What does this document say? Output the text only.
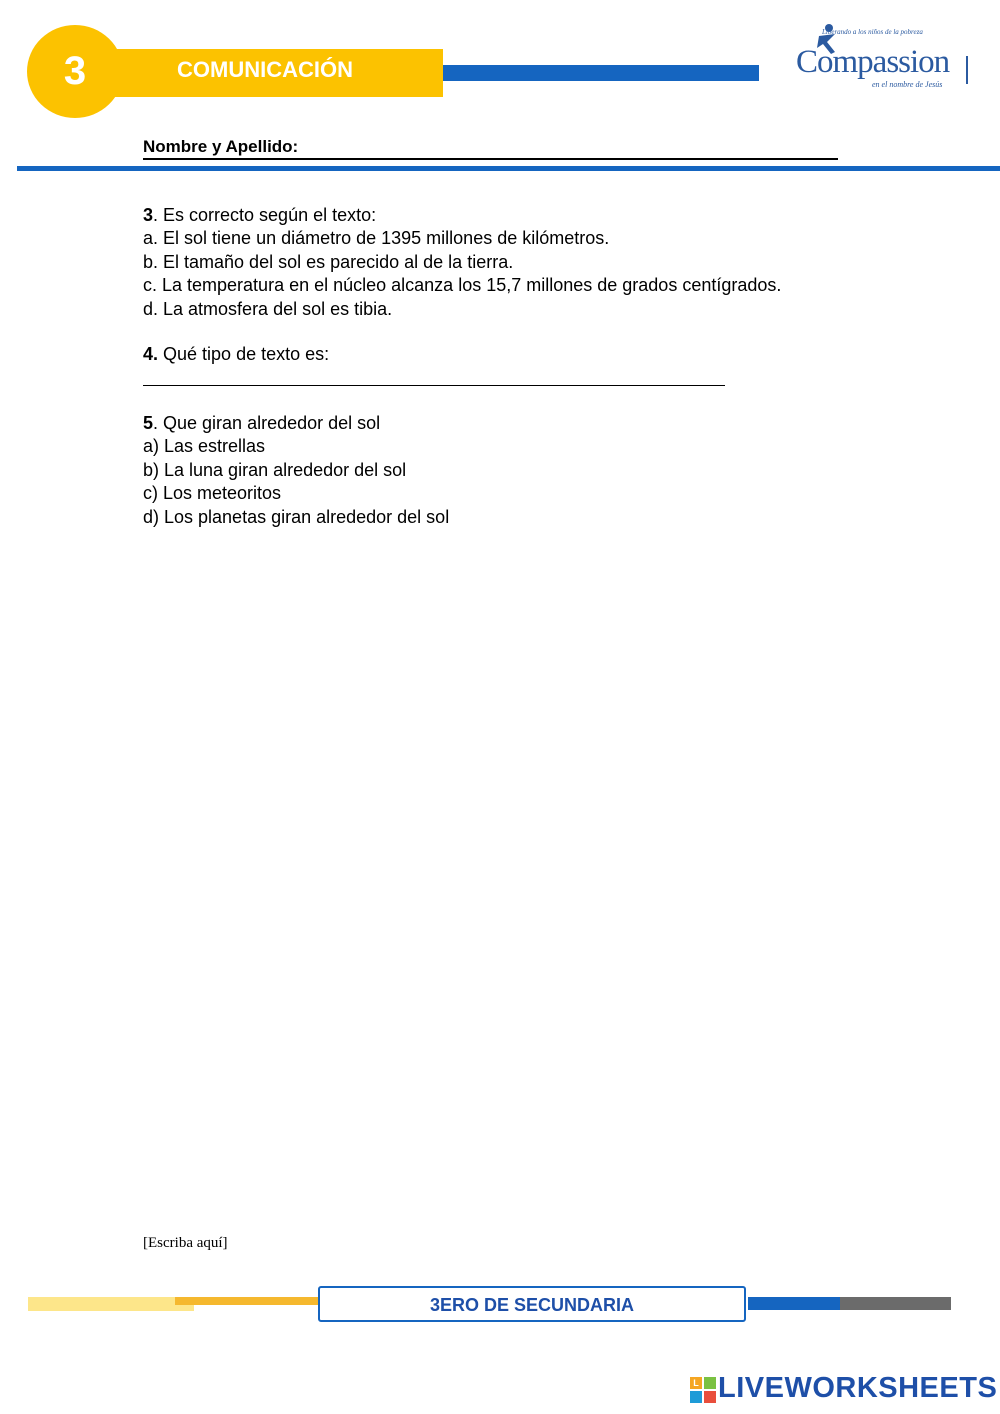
3	COMUNICACIÓN
Liberando a los niños de la pobreza
Compassion
en el nombre de Jesús
Nombre y Apellido:

3. Es correcto según el texto:

a. El sol tiene un diámetro de 1395 millones de kilómetros.

b. El tamaño del sol es parecido al de la tierra.

c. La temperatura en el núcleo alcanza los 15,7 millones de grados centígrados.

d. La atmosfera del sol es tibia.

4. Qué tipo de texto es:

5. Que giran alrededor del sol

a) Las estrellas

b) La luna giran alrededor del sol

c) Los meteoritos

d) Los planetas giran alrededor del sol

[Escriba aquí]
3ERO DE SECUNDARIA
L LIVEWORKSHEETS
